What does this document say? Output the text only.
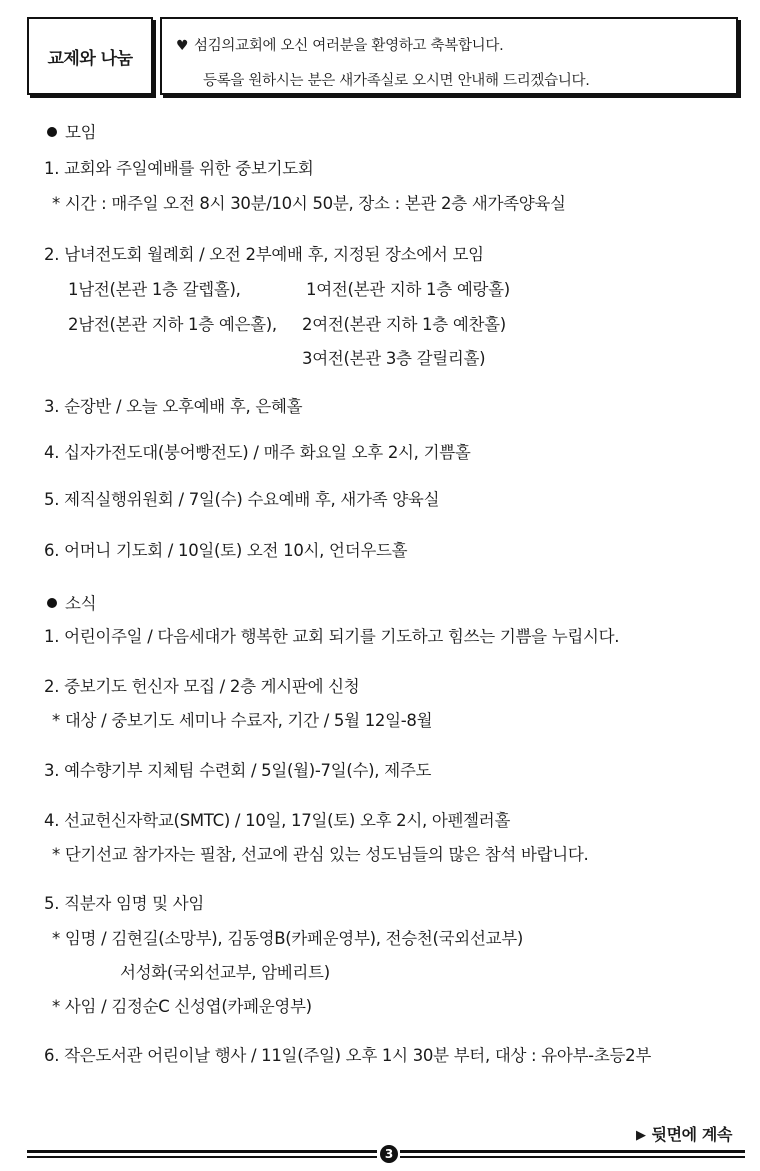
교제와 나눔
♥ 섬김의교회에 오신 여러분을 환영하고 축복합니다.
등록을 원하시는 분은 새가족실로 오시면 안내해 드리겠습니다.
모임
1. 교회와 주일예배를 위한 중보기도회
* 시간 : 매주일 오전 8시 30분/10시 50분, 장소 : 본관 2층 새가족양육실
2. 남녀전도회 월례회 / 오전 2부예배 후, 지정된 장소에서 모임
1남전(본관 1층 갈렙홀),	1여전(본관 지하 1층 예랑홀)
2남전(본관 지하 1층 예은홀), 2여전(본관 지하 1층 예찬홀)
3여전(본관 3층 갈릴리홀)
3. 순장반 / 오늘 오후예배 후, 은혜홀
4. 십자가전도대(붕어빵전도) / 매주 화요일 오후 2시, 기쁨홀
5. 제직실행위원회 / 7일(수) 수요예배 후, 새가족 양육실
6. 어머니 기도회 / 10일(토) 오전 10시, 언더우드홀
소식
1. 어린이주일 / 다음세대가 행복한 교회 되기를 기도하고 힘쓰는 기쁨을 누립시다.
2. 중보기도 헌신자 모집 / 2층 게시판에 신청
* 대상 / 중보기도 세미나 수료자, 기간 / 5월 12일-8월
3. 예수향기부 지체팀 수련회 / 5일(월)-7일(수), 제주도
4. 선교헌신자학교(SMTC) / 10일, 17일(토) 오후 2시, 아펜젤러홀
* 단기선교 참가자는 필참, 선교에 관심 있는 성도님들의 많은 참석 바랍니다.
5. 직분자 임명 및 사임
* 임명 / 김현길(소망부), 김동영B(카페운영부), 전승천(국외선교부)
서성화(국외선교부, 암베리트)
* 사임 / 김정순C 신성엽(카페운영부)
6. 작은도서관 어린이날 행사 / 11일(주일) 오후 1시 30분 부터, 대상 : 유아부-초등2부
▶ 뒷면에 계속
3
